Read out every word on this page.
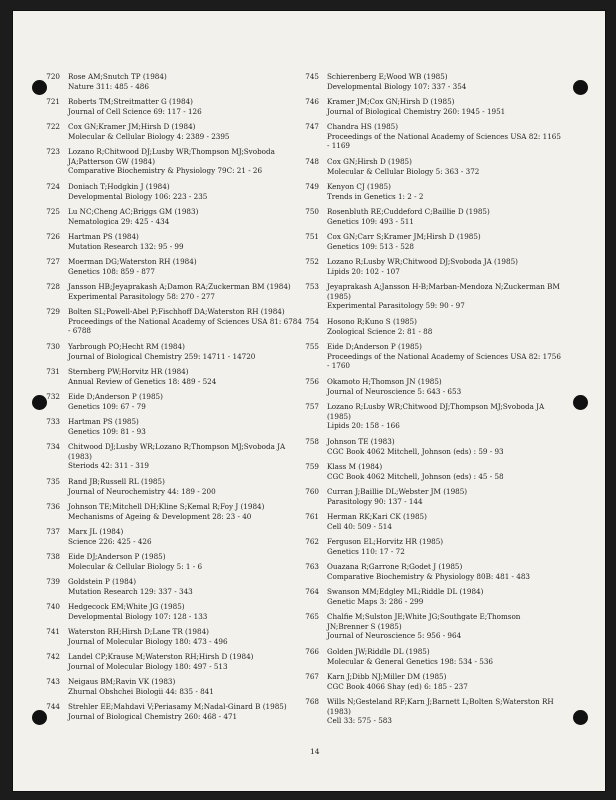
720 Rose AM;Snutch TP (1984)
Nature 311: 485 - 486
721 Roberts TM;Streitmatter G (1984)
Journal of Cell Science 69: 117 - 126
722 Cox GN;Kramer JM;Hirsh D (1984)
Molecular & Cellular Biology 4: 2389 - 2395
723 Lozano R;Chitwood DJ;Lusby WR;Thompson MJ;Svoboda JA;Patterson GW (1984)
Comparative Biochemistry & Physiology 79C: 21 - 26
724 Doniach T;Hodgkin J (1984)
Developmental Biology 106: 223 - 235
725 Lu NC;Cheng AC;Briggs GM (1983)
Nematologica 29: 425 - 434
726 Hartman PS (1984)
Mutation Research 132: 95 - 99
727 Moerman DG;Waterston RH (1984)
Genetics 108: 859 - 877
728 Jansson HB;Jeyaprakash A;Damon RA;Zuckerman BM (1984)
Experimental Parasitology 58: 270 - 277
729 Bolten SL;Powell-Abel P;Fischhoff DA;Waterston RH (1984)
Proceedings of the National Academy of Sciences USA 81: 6784 - 6788
730 Yarbrough PO;Hecht RM (1984)
Journal of Biological Chemistry 259: 14711 - 14720
731 Sternberg PW;Horvitz HR (1984)
Annual Review of Genetics 18: 489 - 524
732 Eide D;Anderson P (1985)
Genetics 109: 67 - 79
733 Hartman PS (1985)
Genetics 109: 81 - 93
734 Chitwood DJ;Lusby WR;Lozano R;Thompson MJ;Svoboda JA (1983)
Steriods 42: 311 - 319
735 Rand JB;Russell RL (1985)
Journal of Neurochemistry 44: 189 - 200
736 Johnson TE;Mitchell DH;Kline S;Kemal R;Foy J (1984)
Mechanisms of Ageing & Development 28: 23 - 40
737 Marx JL (1984)
Science 226: 425 - 426
738 Eide DJ;Anderson P (1985)
Molecular & Cellular Biology 5: 1 - 6
739 Goldstein P (1984)
Mutation Research 129: 337 - 343
740 Hedgecock EM;White JG (1985)
Developmental Biology 107: 128 - 133
741 Waterston RH;Hirsh D;Lane TR (1984)
Journal of Molecular Biology 180: 473 - 496
742 Landel CP;Krause M;Waterston RH;Hirsh D (1984)
Journal of Molecular Biology 180: 497 - 513
743 Neigaus BM;Ravin VK (1983)
Zhurnal Obshchei Biologii 44: 835 - 841
744 Strehler EE;Mahdavi V;Periasamy M;Nadal-Ginard B (1985)
Journal of Biological Chemistry 260: 468 - 471
745 Schierenberg E;Wood WB (1985)
Developmental Biology 107: 337 - 354
746 Kramer JM;Cox GN;Hirsh D (1985)
Journal of Biological Chemistry 260: 1945 - 1951
747 Chandra HS (1985)
Proceedings of the National Academy of Sciences USA 82: 1165 - 1169
748 Cox GN;Hirsh D (1985)
Molecular & Cellular Biology 5: 363 - 372
749 Kenyon CJ (1985)
Trends in Genetics 1: 2 - 2
750 Rosenbluth RE;Cuddeford C;Baillie D (1985)
Genetics 109: 493 - 511
751 Cox GN;Carr S;Kramer JM;Hirsh D (1985)
Genetics 109: 513 - 528
752 Lozano R;Lusby WR;Chitwood DJ;Svoboda JA (1985)
Lipids 20: 102 - 107
753 Jeyaprakash A;Jansson H-B;Marban-Mendoza N;Zuckerman BM (1985)
Experimental Parasitology 59: 90 - 97
754 Hosono R;Kuno S (1985)
Zoological Science 2: 81 - 88
755 Eide D;Anderson P (1985)
Proceedings of the National Academy of Sciences USA 82: 1756 - 1760
756 Okamoto H;Thomson JN (1985)
Journal of Neuroscience 5: 643 - 653
757 Lozano R;Lusby WR;Chitwood DJ;Thompson MJ;Svoboda JA (1985)
Lipids 20: 158 - 166
758 Johnson TE (1983)
CGC Book 4062 Mitchell, Johnson (eds) : 59 - 93
759 Klass M (1984)
CGC Book 4062 Mitchell, Johnson (eds) : 45 - 58
760 Curran J;Baillie DL;Webster JM (1985)
Parasitology 90: 137 - 144
761 Herman RK;Kari CK (1985)
Cell 40: 509 - 514
762 Ferguson EL;Horvitz HR (1985)
Genetics 110: 17 - 72
763 Ouazana R;Garrone R;Godet J (1985)
Comparative Biochemistry & Physiology 80B: 481 - 483
764 Swanson MM;Edgley ML;Riddle DL (1984)
Genetic Maps 3: 286 - 299
765 Chalfie M;Sulston JE;White JG;Southgate E;Thomson JN;Brenner S (1985)
Journal of Neuroscience 5: 956 - 964
766 Golden JW;Riddle DL (1985)
Molecular & General Genetics 198: 534 - 536
767 Karn J;Dibb NJ;Miller DM (1985)
CGC Book 4066 Shay (ed) 6: 185 - 237
768 Wills N;Gesteland RF;Karn J;Barnett L;Bolten S;Waterston RH (1983)
Cell 33: 575 - 583
14
